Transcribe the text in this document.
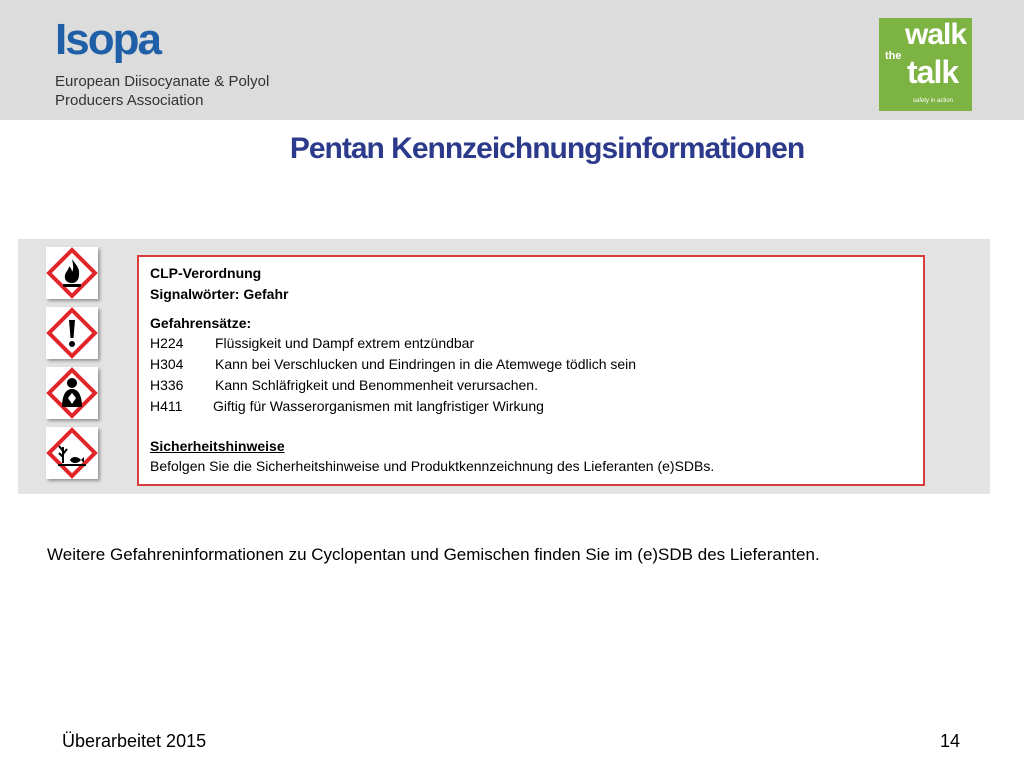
Isopa
European Diisocyanate & Polyol
Producers Association
walk
the talk
safety in action
Pentan Kennzeichnungsinformationen
CLP-Verordnung
Signalwörter: Gefahr
Gefahrensätze:
H224 Flüssigkeit und Dampf extrem entzündbar
H304 Kann bei Verschlucken und Eindringen in die Atemwege tödlich sein
H336 Kann Schläfrigkeit und Benommenheit verursachen.
H411 Giftig für Wasserorganismen mit langfristiger Wirkung
Sicherheitshinweise
Befolgen Sie die Sicherheitshinweise und Produktkennzeichnung des Lieferanten (e)SDBs.
Weitere Gefahreninformationen zu Cyclopentan und Gemischen finden Sie im (e)SDB des Lieferanten.
Überarbeitet 2015	14
